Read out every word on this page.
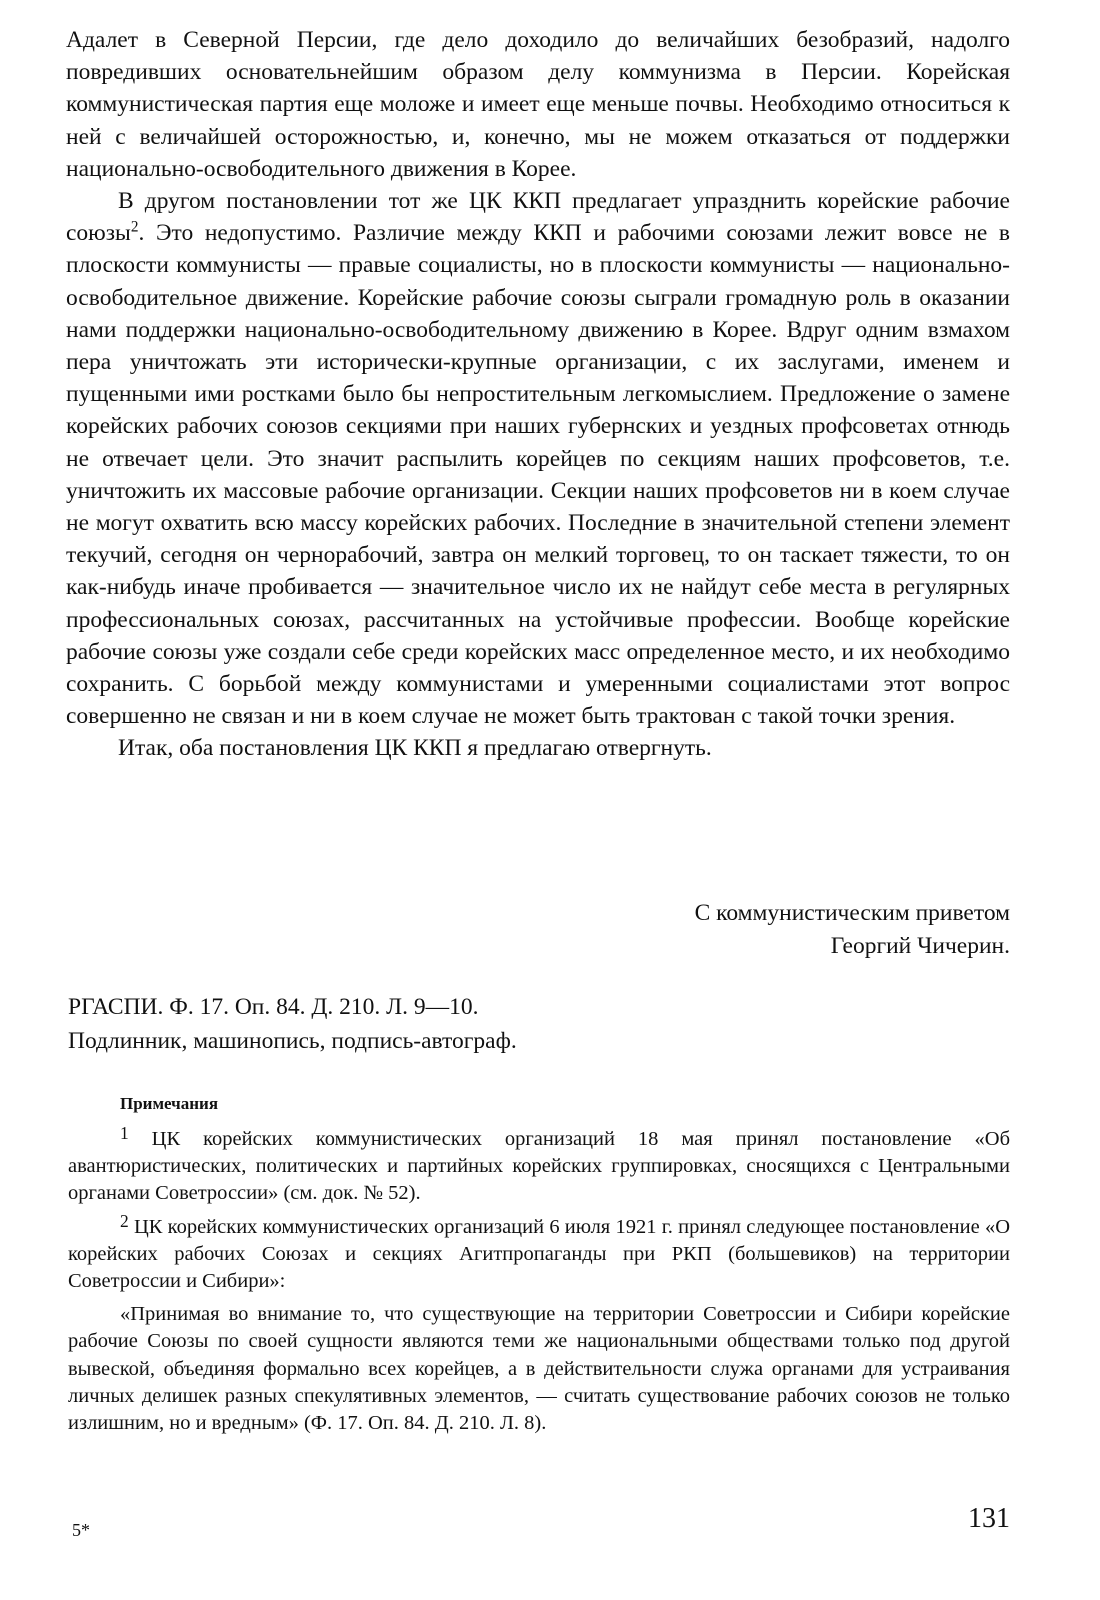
Адалет в Северной Персии, где дело доходило до величайших безобразий, надолго повредивших основательнейшим образом делу коммунизма в Персии. Корейская коммунистическая партия еще моложе и имеет еще меньше почвы. Необходимо относиться к ней с величайшей осторожностью, и, конечно, мы не можем отказаться от поддержки национально-освободительного движения в Корее.

В другом постановлении тот же ЦК ККП предлагает упразднить корейские рабочие союзы$^2$. Это недопустимо. Различие между ККП и рабочими союзами лежит вовсе не в плоскости коммунисты — правые социалисты, но в плоскости коммунисты — национально-освободительное движение. Корейские рабочие союзы сыграли громадную роль в оказании нами поддержки национально-освободительному движению в Корее. Вдруг одним взмахом пера уничтожать эти исторически-крупные организации, с их заслугами, именем и пущенными ими ростками было бы непростительным легкомыслием. Предложение о замене корейских рабочих союзов секциями при наших губернских и уездных профсоветах отнюдь не отвечает цели. Это значит распылить корейцев по секциям наших профсоветов, т.е. уничтожить их массовые рабочие организации. Секции наших профсоветов ни в коем случае не могут охватить всю массу корейских рабочих. Последние в значительной степени элемент текучий, сегодня он чернорабочий, завтра он мелкий торговец, то он таскает тяжести, то он как-нибудь иначе пробивается — значительное число их не найдут себе места в регулярных профессиональных союзах, рассчитанных на устойчивые профессии. Вообще корейские рабочие союзы уже создали себе среди корейских масс определенное место, и их необходимо сохранить. С борьбой между коммунистами и умеренными социалистами этот вопрос совершенно не связан и ни в коем случае не может быть трактован с такой точки зрения.

Итак, оба постановления ЦК ККП я предлагаю отвергнуть.

С коммунистическим приветом
Георгий Чичерин.
РГАСПИ. Ф. 17. Оп. 84. Д. 210. Л. 9—10.
Подлинник, машинопись, подпись-автограф.
Примечания

$^1$ ЦК корейских коммунистических организаций 18 мая принял постановление «Об авантюристических, политических и партийных корейских группировках, сносящихся с Центральными органами Советроссии» (см. док. № 52).

$^2$ ЦК корейских коммунистических организаций 6 июля 1921 г. принял следующее постановление «О корейских рабочих Союзах и секциях Агитпропаганды при РКП (большевиков) на территории Советроссии и Сибири»:

«Принимая во внимание то, что существующие на территории Советроссии и Сибири корейские рабочие Союзы по своей сущности являются теми же национальными обществами только под другой вывеской, объединяя формально всех корейцев, а в действительности служа органами для устраивания личных делишек разных спекулятивных элементов, — считать существование рабочих союзов не только излишним, но и вредным» (Ф. 17. Оп. 84. Д. 210. Л. 8).

5*	131
